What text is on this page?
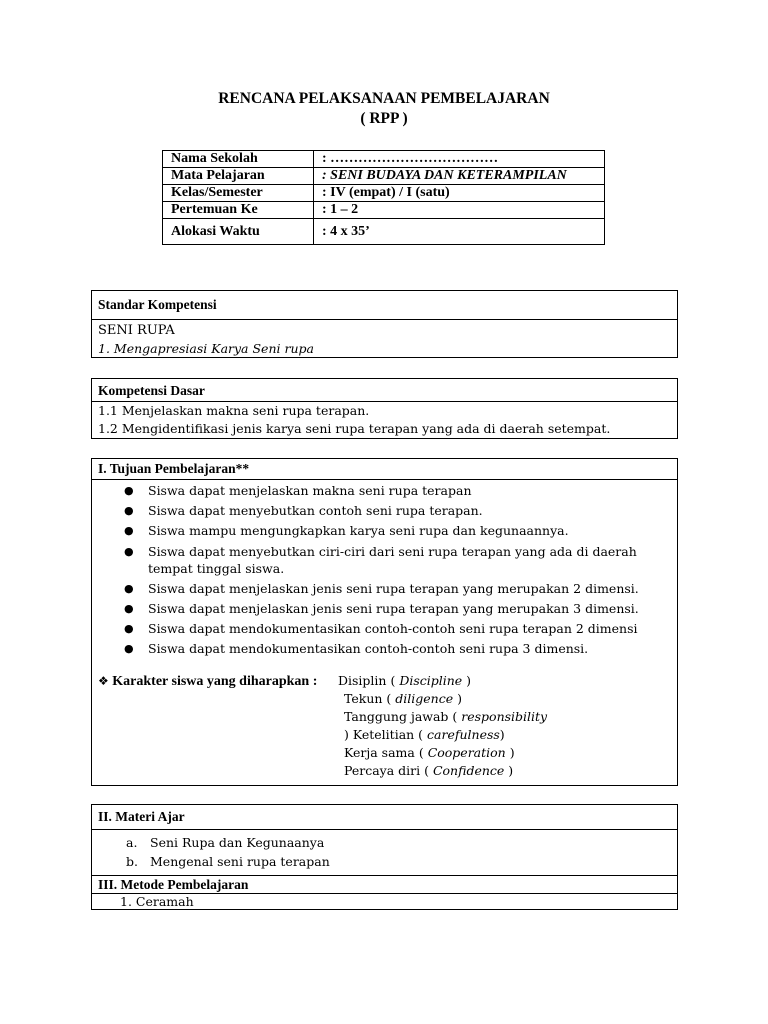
RENCANA PELAKSANAAN PEMBELAJARAN
( RPP )
Nama Sekolah	: ………………………………
Mata Pelajaran	: SENI BUDAYA DAN KETERAMPILAN
Kelas/Semester	: IV (empat) / I (satu)
Pertemuan Ke	: 1 – 2
Alokasi Waktu	: 4 x 35’
Standar Kompetensi
SENI RUPA
1. Mengapresiasi Karya Seni rupa
Kompetensi Dasar
1.1 Menjelaskan makna seni rupa terapan.
1.2 Mengidentifikasi jenis karya seni rupa terapan yang ada di daerah setempat.
I. Tujuan Pembelajaran**
● Siswa dapat menjelaskan makna seni rupa terapan
● Siswa dapat menyebutkan contoh seni rupa terapan.
● Siswa mampu mengungkapkan karya seni rupa dan kegunaannya.
● Siswa dapat menyebutkan ciri-ciri dari seni rupa terapan yang ada di daerah tempat tinggal siswa.
● Siswa dapat menjelaskan jenis seni rupa terapan yang merupakan 2 dimensi.
● Siswa dapat menjelaskan jenis seni rupa terapan yang merupakan 3 dimensi.
● Siswa dapat mendokumentasikan contoh-contoh seni rupa terapan 2 dimensi
● Siswa dapat mendokumentasikan contoh-contoh seni rupa 3 dimensi.
❖ Karakter siswa yang diharapkan : Disiplin ( Discipline )
Tekun ( diligence )
Tanggung jawab ( responsibility
) Ketelitian ( carefulness)
Kerja sama ( Cooperation )
Percaya diri ( Confidence )
II. Materi Ajar
a. Seni Rupa dan Kegunaanya
b. Mengenal seni rupa terapan
III. Metode Pembelajaran
1. Ceramah
